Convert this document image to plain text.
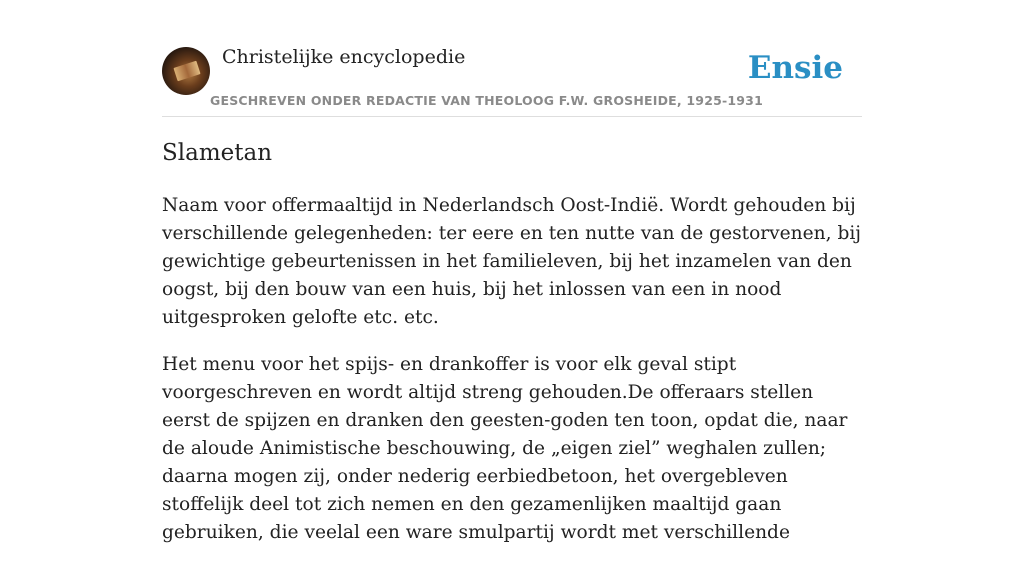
Christelijke encyclopedie
GESCHREVEN ONDER REDACTIE VAN THEOLOOG F.W. GROSHEIDE, 1925-1931
Ensie
Slametan

Naam voor offermaaltijd in Nederlandsch Oost-Indië. Wordt gehouden bij verschillende gelegenheden: ter eere en ten nutte van de gestorvenen, bij gewichtige gebeurtenissen in het familieleven, bij het inzamelen van den oogst, bij den bouw van een huis, bij het inlossen van een in nood uitgesproken gelofte etc. etc.

Het menu voor het spijs- en drankoffer is voor elk geval stipt voorgeschreven en wordt altijd streng gehouden.De offeraars stellen eerst de spijzen en dranken den geesten-goden ten toon, opdat die, naar de aloude Animistische beschouwing, de „eigen ziel” weghalen zullen; daarna mogen zij, onder nederig eerbiedbetoon, het overgebleven stoffelijk deel tot zich nemen en den gezamenlijken maaltijd gaan gebruiken, die veelal een ware smulpartij wordt met verschillende
